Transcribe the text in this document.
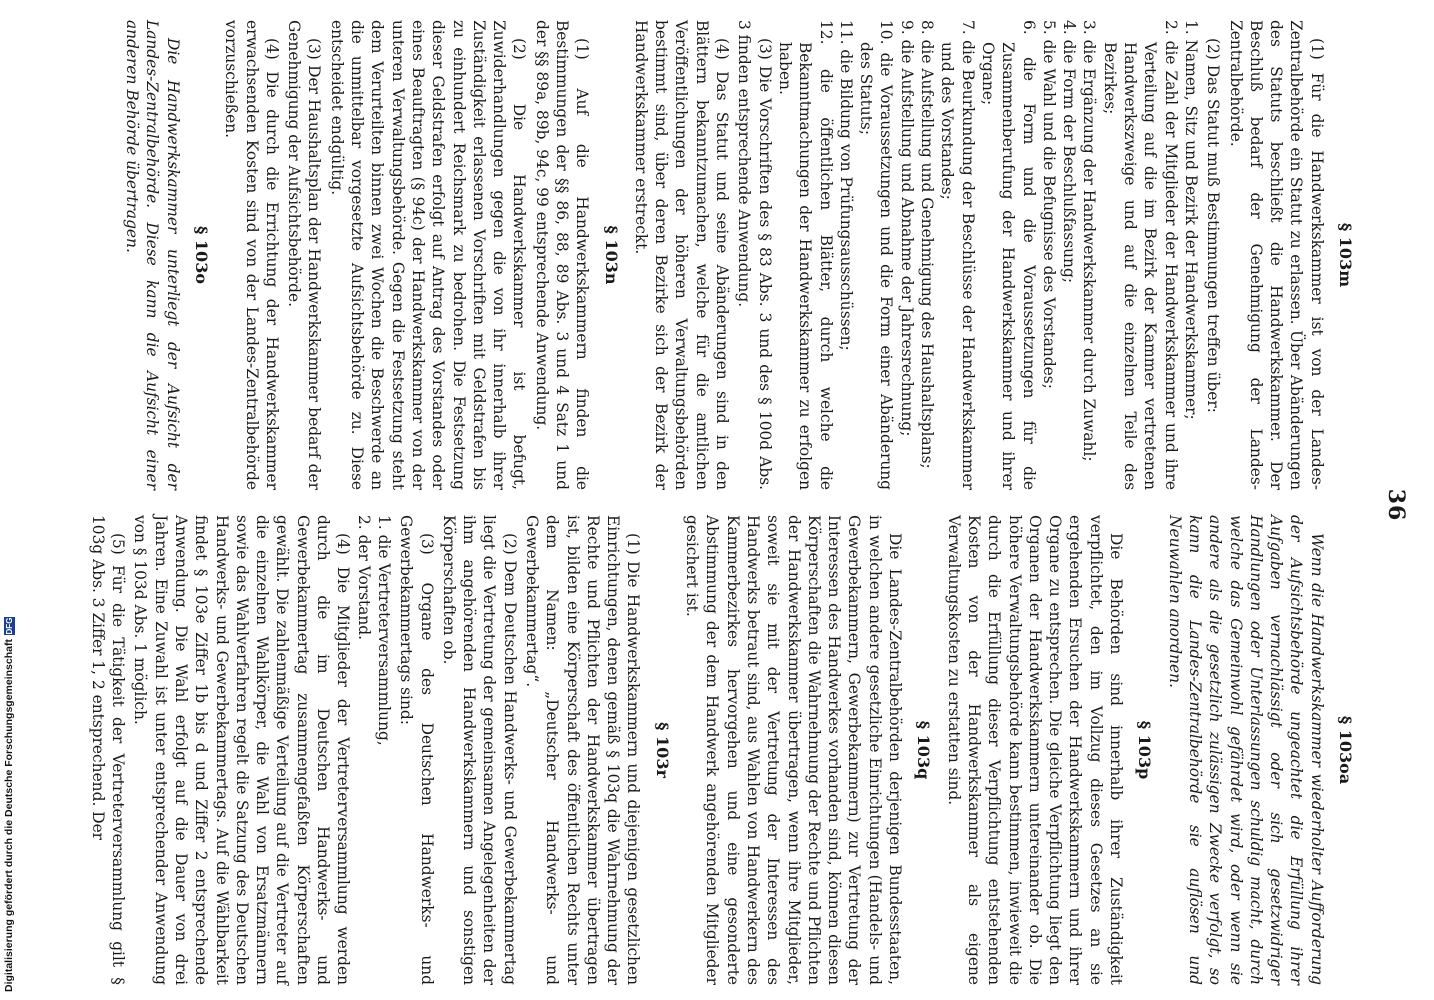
36
§ 103m

(1) Für die Handwerkskammer ist von der Landes-Zentralbehörde ein Statut zu erlassen. Über Abänderungen des Statuts beschließt die Handwerkskammer. Der Beschluß bedarf der Genehmigung der Landes-Zentralbehörde.

(2) Das Statut muß Bestimmungen treffen über:

1. Namen, Sitz und Bezirk der Handwerkskammer;

2. die Zahl der Mitglieder der Handwerkskammer und ihre Verteilung auf die im Bezirk der Kammer vertretenen Handwerkszweige und auf die einzelnen Teile des Bezirkes;

3. die Ergänzung der Handwerkskammer durch Zuwahl;

4. die Form der Beschlußfassung;

5. die Wahl und die Befugnisse des Vorstandes;

6. die Form und die Voraussetzungen für die Zusammenberufung der Handwerkskammer und ihrer Organe;

7. die Beurkundung der Beschlüsse der Handwerkskammer und des Vorstandes;

8. die Aufstellung und Genehmigung des Haushaltsplans;

9. die Aufstellung und Abnahme der Jahresrechnung;

10. die Voraussetzungen und die Form einer Abänderung des Statuts;

11. die Bildung von Prüfungsausschüssen;

12. die öffentlichen Blätter, durch welche die Bekanntmachungen der Handwerkskammer zu erfolgen haben.

(3) Die Vorschriften des § 83 Abs. 3 und des § 100d Abs. 3 finden entsprechende Anwendung.

(4) Das Statut und seine Abänderungen sind in den Blättern bekanntzumachen, welche für die amtlichen Veröffentlichungen der höheren Verwaltungsbehörden bestimmt sind, über deren Bezirke sich der Bezirk der Handwerkskammer erstreckt.

§ 103n

(1) Auf die Handwerkskammern finden die Bestimmungen der §§ 86, 88, 89 Abs. 3 und 4 Satz 1 und der §§ 89a, 89b, 94c, 99 entsprechende Anwendung.

(2) Die Handwerkskammer ist befugt, Zuwiderhandlungen gegen die von ihr innerhalb ihrer Zuständigkeit erlassenen Vorschriften mit Geldstrafen bis zu einhundert Reichsmark zu bedrohen. Die Festsetzung dieser Geldstrafen erfolgt auf Antrag des Vorstandes oder eines Beauftragten (§ 94c) der Handwerkskammer von der unteren Verwaltungsbehörde. Gegen die Festsetzung steht dem Verurteilten binnen zwei Wochen die Beschwerde an die unmittelbar vorgesetzte Aufsichtsbehörde zu. Diese entscheidet endgültig.

(3) Der Haushaltsplan der Handwerkskammer bedarf der Genehmigung der Aufsichtsbehörde.

(4) Die durch die Errichtung der Handwerkskammer erwachsenden Kosten sind von der Landes-Zentralbehörde vorzuschießen.

§ 103o

Die Handwerkskammer unterliegt der Aufsicht der Landes-Zentralbehörde. Diese kann die Aufsicht einer anderen Behörde übertragen.

§ 103oa

Wenn die Handwerkskammer wiederholter Aufforderung der Aufsichtsbehörde ungeachtet die Erfüllung ihrer Aufgaben vernachlässigt oder sich gesetzwidriger Handlungen oder Unterlassungen schuldig macht, durch welche das Gemeinwohl gefährdet wird, oder wenn sie andere als die gesetzlich zulässigen Zwecke verfolgt, so kann die Landes-Zentralbehörde sie auflösen und Neuwahlen anordnen.

§ 103p

Die Behörden sind innerhalb ihrer Zuständigkeit verpflichtet, den im Vollzug dieses Gesetzes an sie ergehenden Ersuchen der Handwerkskammern und ihrer Organe zu entsprechen. Die gleiche Verpflichtung liegt den Organen der Handwerkskammern untereinander ob. Die höhere Verwaltungsbehörde kann bestimmen, inwieweit die durch die Erfüllung dieser Verpflichtung entstehenden Kosten von der Handwerkskammer als eigene Verwaltungskosten zu erstatten sind.

§ 103q

Die Landes-Zentralbehörden derjenigen Bundesstaaten, in welchen andere gesetzliche Einrichtungen (Handels- und Gewerbekammern, Gewerbekammern) zur Vertretung der Interessen des Handwerkes vorhanden sind, können diesen Körperschaften die Wahrnehmung der Rechte und Pflichten der Handwerkskammer übertragen, wenn ihre Mitglieder, soweit sie mit der Vertretung der Interessen des Handwerks betraut sind, aus Wahlen von Handwerkern des Kammerbezirkes hervorgehen und eine gesonderte Abstimmung der dem Handwerk angehörenden Mitglieder gesichert ist.

§ 103r

(1) Die Handwerkskammern und diejenigen gesetzlichen Einrichtungen, denen gemäß § 103q die Wahrnehmung der Rechte und Pflichten der Handwerkskammer übertragen ist, bilden eine Körperschaft des öffentlichen Rechts unter dem Namen: „Deutscher Handwerks- und Gewerbekammertag“.

(2) Dem Deutschen Handwerks- und Gewerbekammertag liegt die Vertretung der gemeinsamen Angelegenheiten der ihm angehörenden Handwerkskammern und sonstigen Körperschaften ob.

(3) Organe des Deutschen Handwerks- und Gewerbekammertags sind:

1. die Vertreterversammlung,

2. der Vorstand.

(4) Die Mitglieder der Vertreterversammlung werden durch die im Deutschen Handwerks- und Gewerbekammertag zusammengefaßten Körperschaften gewählt. Die zahlenmäßige Verteilung auf die Vertreter auf die einzelnen Wahlkörper, die Wahl von Ersatzmännern sowie das Wahlverfahren regelt die Satzung des Deutschen Handwerks- und Gewerbekammertags. Auf die Wählbarkeit findet § 103e Ziffer 1b bis d und Ziffer 2 entsprechende Anwendung. Die Wahl erfolgt auf die Dauer von drei Jahren. Eine Zuwahl ist unter entsprechender Anwendung von § 103d Abs. 1 möglich.

(5) Für die Tätigkeit der Vertreterversammlung gilt § 103g Abs. 3 Ziffer 1, 2 entsprechend. Der

Digitalisierung gefördert durch die Deutsche Forschungsgemeinschaft
DFG
